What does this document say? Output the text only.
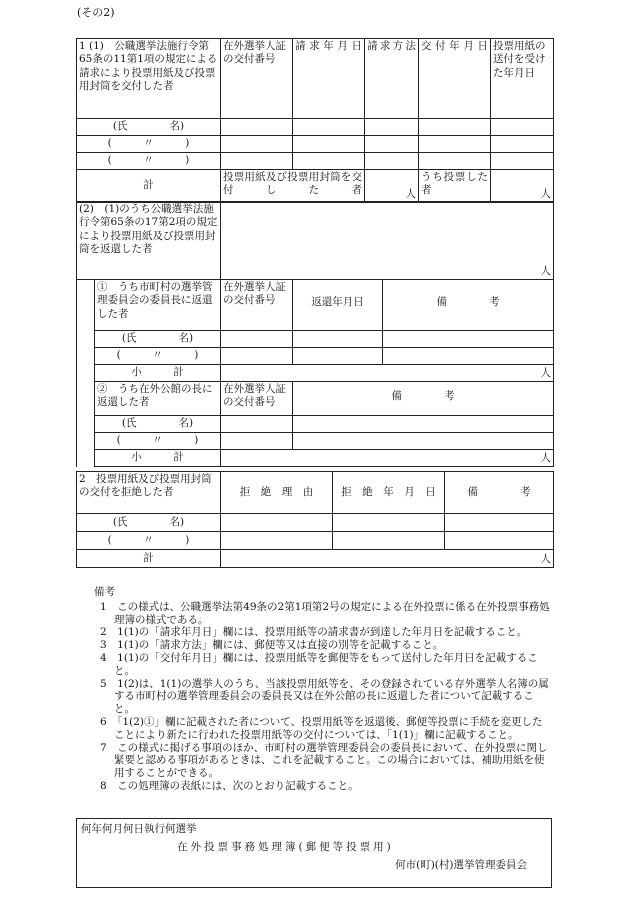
(その2)
1 (1)　公職選挙法施行令第65条の11第1項の規定による請求により投票用紙及び投票用封筒を交付した者	在外選挙人証の交付番号	請求年月日	請求方法	交付年月日	投票用紙の送付を受けた年月日
(氏　　　　名)					
(　　　〃　　　)					
(　　　〃　　　)					
計	投票用紙及び投票用封筒を交付した者		人	うち投票した者	人
(2)　(1)のうち公職選挙法施行令第65条の17第2項の規定により投票用紙及び投票用封筒を返還した者		人		
	①　うち市町村の選挙管理委員会の委員長に返還した者	在外選挙人証の交付番号	返還年月日	備　　　　考
	(氏　　　　名)			
	(　　　〃　　　)			
	小　　　計	人		
	②　うち在外公館の長に返還した者	在外選挙人証の交付番号	備　　　　考	
	(氏　　　　名)			
	(　　　〃　　　)			
	小　　　計	人		
2　投票用紙及び投票用封筒の交付を拒絶した者	拒　絶　理　由	拒　絶　年　月　日	備　　　　考
(氏　　　　名)			
(　　　〃　　　)			
計	人		

備考

1　この様式は、公職選挙法第49条の2第1項第2号の規定による在外投票に係る在外投票事務処理簿の様式である。

2　1(1)の「請求年月日」欄には、投票用紙等の請求書が到達した年月日を記載すること。

3　1(1)の「請求方法」欄には、郵便等又は直接の別等を記載すること。

4　1(1)の「交付年月日」欄には、投票用紙等を郵便等をもって送付した年月日を記載すること。

5　1(2)は、1(1)の選挙人のうち、当該投票用紙等を、その登録されている存外選挙人名簿の属する市町村の選挙管理委員会の委員長又は在外公館の長に返還した者について記載すること。

6　「1(2)①」欄に記載された者について、投票用紙等を返還後、郵便等投票に手続を変更したことにより新たに行われた投票用紙等の交付については、「1(1)」欄に記載すること。

7　この様式に掲げる事項のほか、市町村の選挙管理委員会の委員長において、在外投票に関し緊要と認める事項があるときは、これを記載すること。この場合においては、補助用紙を使用することができる。

8　この処理簿の表紙には、次のとおり記載すること。

何年何月何日執行何選挙
在外投票事務処理簿(郵便等投票用)
何市(町)(村)選挙管理委員会
